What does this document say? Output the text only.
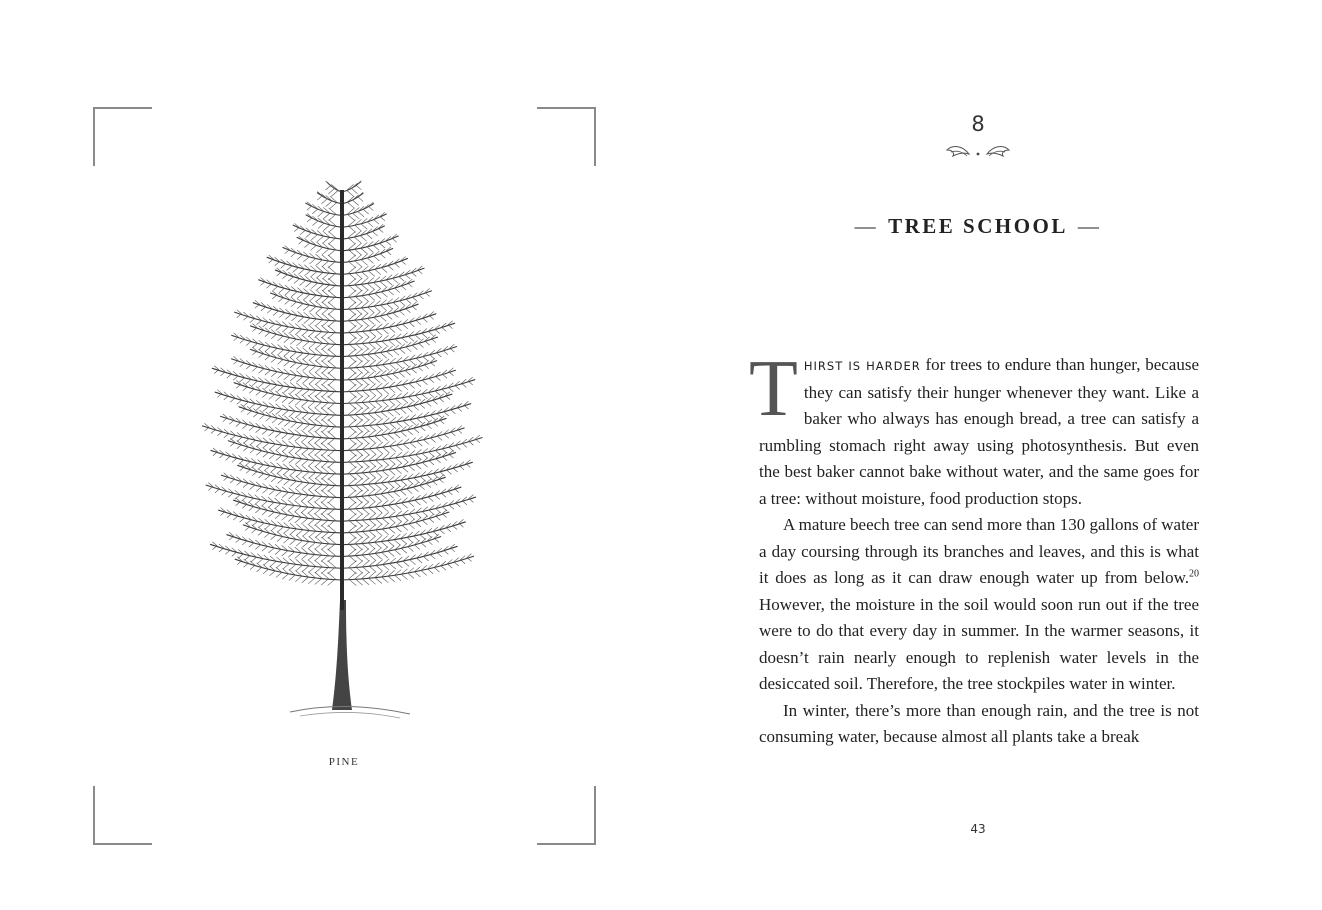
PINE
8
— TREE SCHOOL —

THIRST IS HARDER for trees to endure than hunger, because they can satisfy their hunger whenever they want. Like a baker who always has enough bread, a tree can satisfy a rumbling stomach right away using photosynthesis. But even the best baker cannot bake without water, and the same goes for a tree: without moisture, food production stops.

A mature beech tree can send more than 130 gallons of water a day coursing through its branches and leaves, and this is what it does as long as it can draw enough water up from below.$^{20}$ However, the moisture in the soil would soon run out if the tree were to do that every day in summer. In the warmer seasons, it doesn’t rain nearly enough to replenish water levels in the desiccated soil. Therefore, the tree stockpiles water in winter.

In winter, there’s more than enough rain, and the tree is not consuming water, because almost all plants take a break

43
